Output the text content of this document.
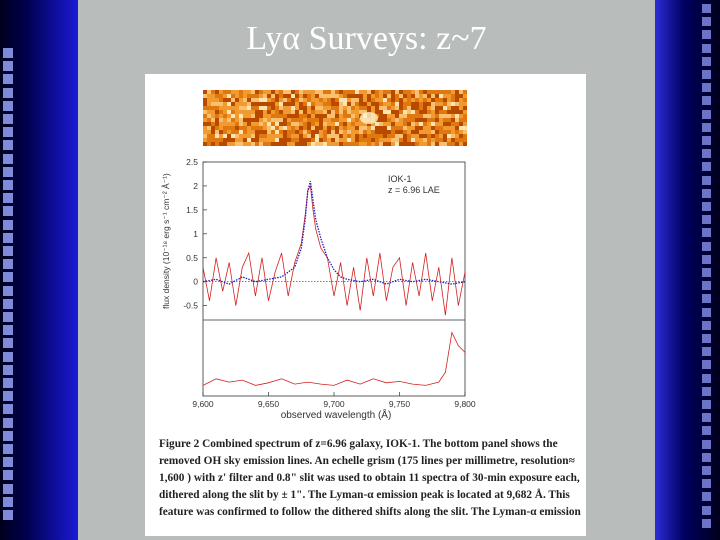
Lyα Surveys: z~7
IOK-1
z = 6.96 LAE
flux density (10⁻¹⁸ erg s⁻¹ cm⁻² Å⁻¹)
observed wavelength (Å)
2.5
2
1.5
1
0.5
0
-0.5
9,600	9,650	9,700	9,750	9,800
Figure 2 Combined spectrum of z=6.96 galaxy, IOK-1. The bottom panel shows the
removed OH sky emission lines. An echelle grism (175 lines per millimetre, resolution≈
1,600 ) with z' filter and 0.8" slit was used to obtain 11 spectra of 30-min exposure each,
dithered along the slit by ± 1". The Lyman-α emission peak is located at 9,682 Å. This
feature was confirmed to follow the dithered shifts along the slit. The Lyman-α emission
